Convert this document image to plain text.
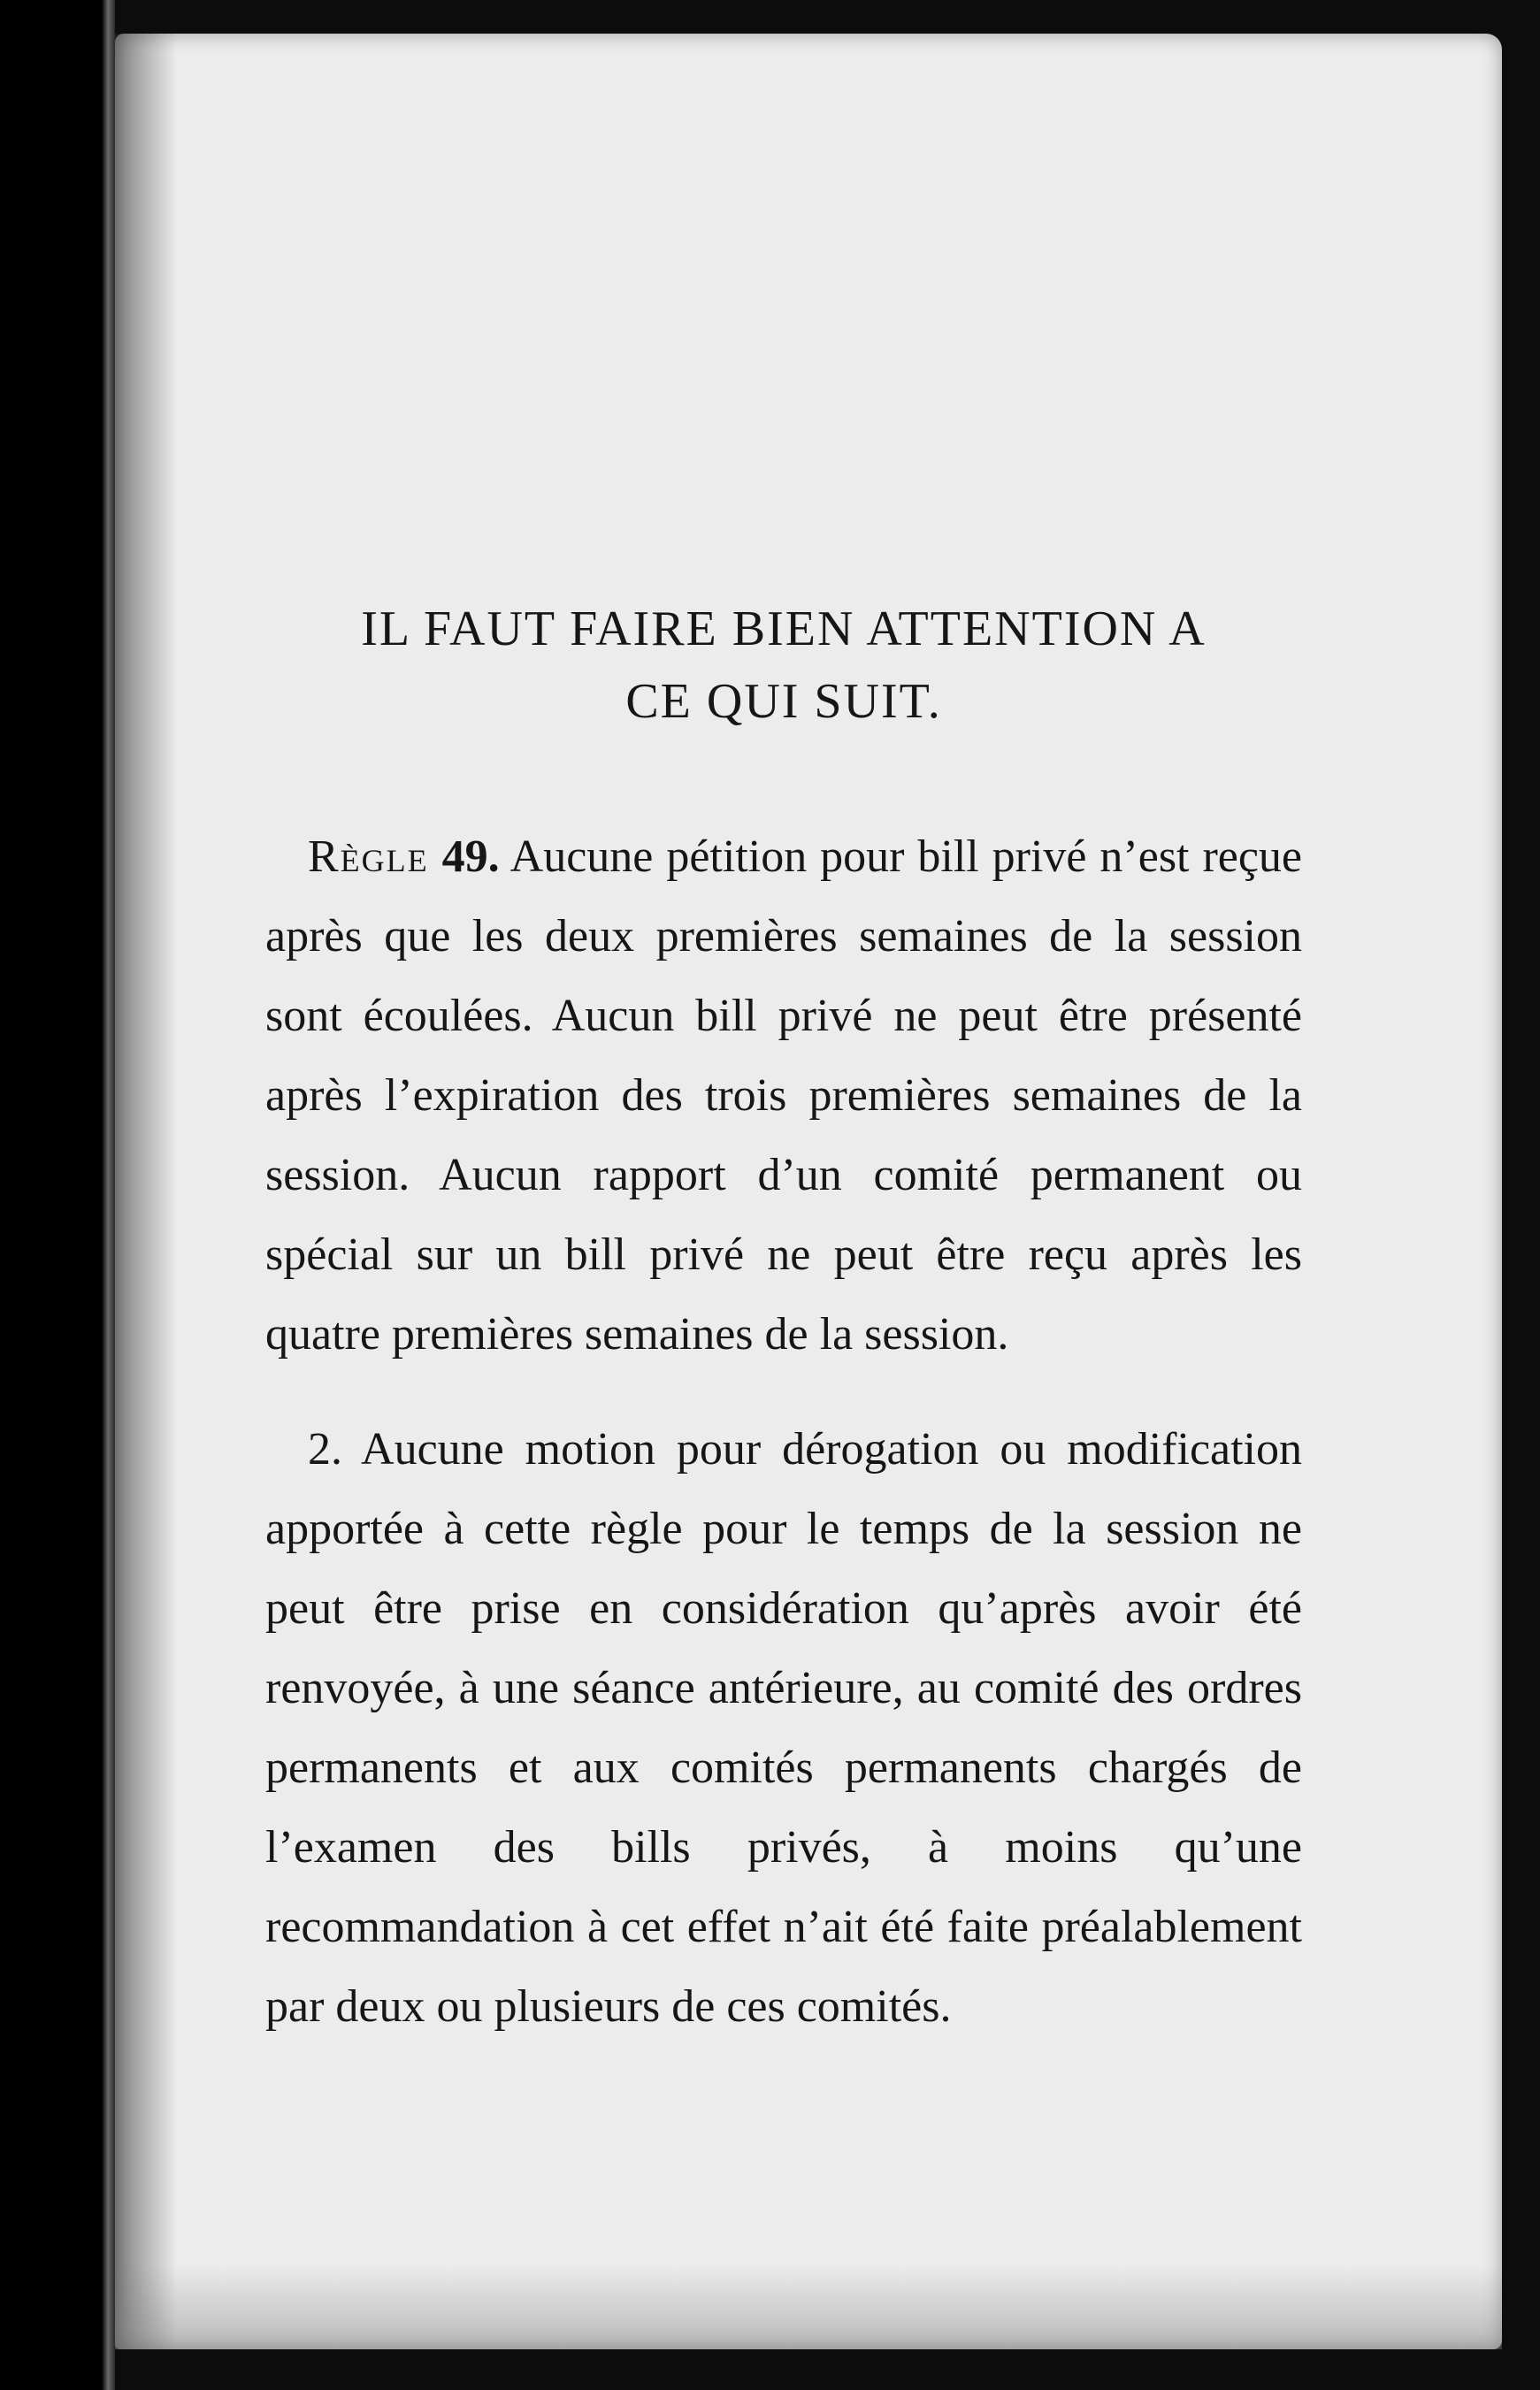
IL FAUT FAIRE BIEN ATTENTION A
CE QUI SUIT.

Règle 49. Aucune pétition pour bill privé n’est reçue après que les deux premières semaines de la session sont écoulées. Aucun bill privé ne peut être présenté après l’expiration des trois premières semaines de la session. Aucun rapport d’un comité permanent ou spécial sur un bill privé ne peut être reçu après les quatre premières semaines de la session.

2. Aucune motion pour dérogation ou modification apportée à cette règle pour le temps de la session ne peut être prise en considération qu’après avoir été renvoyée, à une séance antérieure, au comité des ordres permanents et aux comités permanents chargés de l’examen des bills privés, à moins qu’une recommandation à cet effet n’ait été faite préalablement par deux ou plusieurs de ces comités.
